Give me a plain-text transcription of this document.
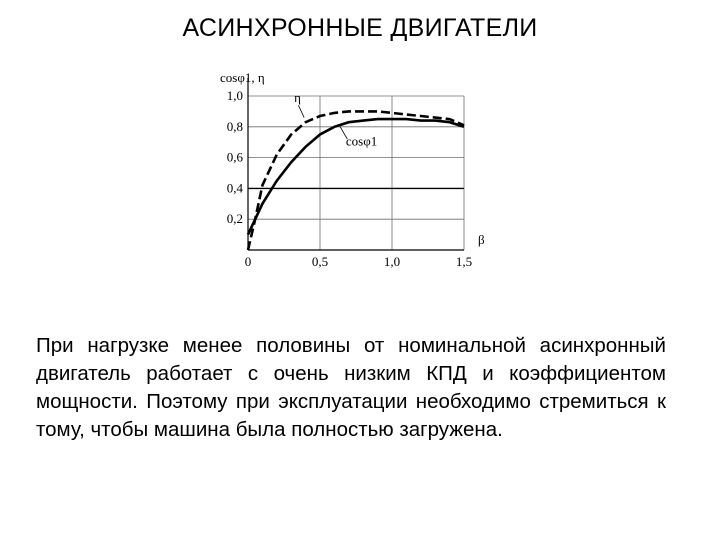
АСИНХРОННЫЕ ДВИГАТЕЛИ
1,0
0,8
0,6
0,4
0,2
0	0,5	1,0	1,5
cosφ1, η
β
η
cosφ1
При нагрузке менее половины от номинальной асинхронный двигатель работает с очень низким КПД и коэффициентом мощности. Поэтому при эксплуатации необходимо стремиться к тому, чтобы машина была полностью загружена.
